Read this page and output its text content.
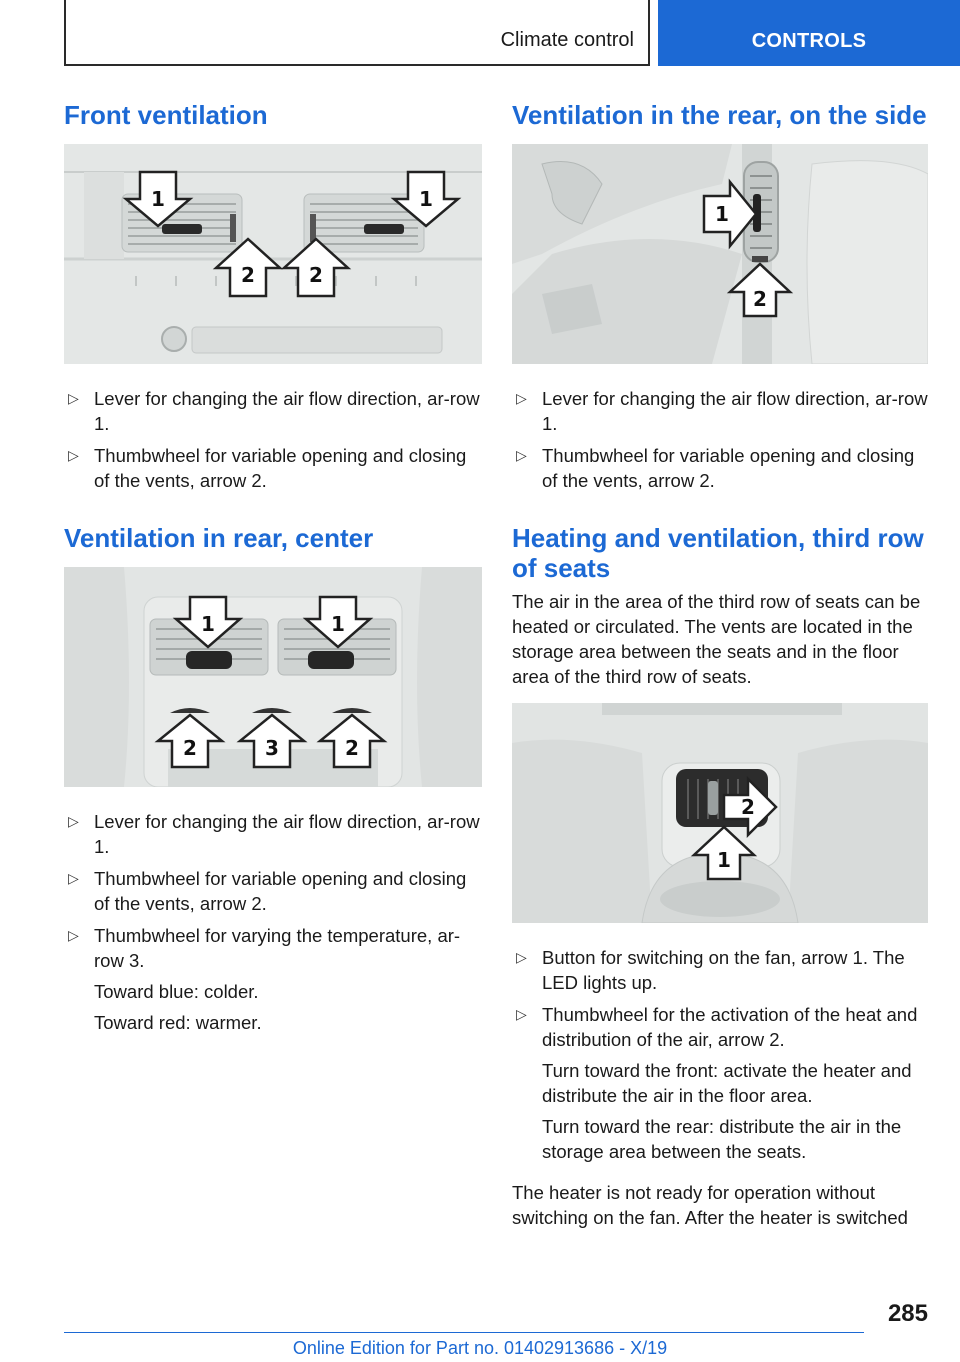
Climate control	CONTROLS
Front ventilation
1	1
2	2
▷ Lever for changing the air flow direction, ar‐row 1.
▷ Thumbwheel for variable opening and closing of the vents, arrow 2.
Ventilation in rear, center
1	1
2	3	2
▷ Lever for changing the air flow direction, ar‐row 1.
▷ Thumbwheel for variable opening and closing of the vents, arrow 2.
▷ Thumbwheel for varying the temperature, ar‐row 3.
Toward blue: colder.
Toward red: warmer.
Ventilation in the rear, on the side
1
2
▷ Lever for changing the air flow direction, ar‐row 1.
▷ Thumbwheel for variable opening and closing of the vents, arrow 2.
Heating and ventilation, third row of seats

The air in the area of the third row of seats can be heated or circulated. The vents are located in the storage area between the seats and in the floor area of the third row of seats.

2
1
▷ Button for switching on the fan, arrow 1. The LED lights up.
▷ Thumbwheel for the activation of the heat and distribution of the air, arrow 2.
Turn toward the front: activate the heater and distribute the air in the floor area.
Turn toward the rear: distribute the air in the storage area between the seats.

The heater is not ready for operation without switching on the fan. After the heater is switched

285
Online Edition for Part no. 01402913686 - X/19
